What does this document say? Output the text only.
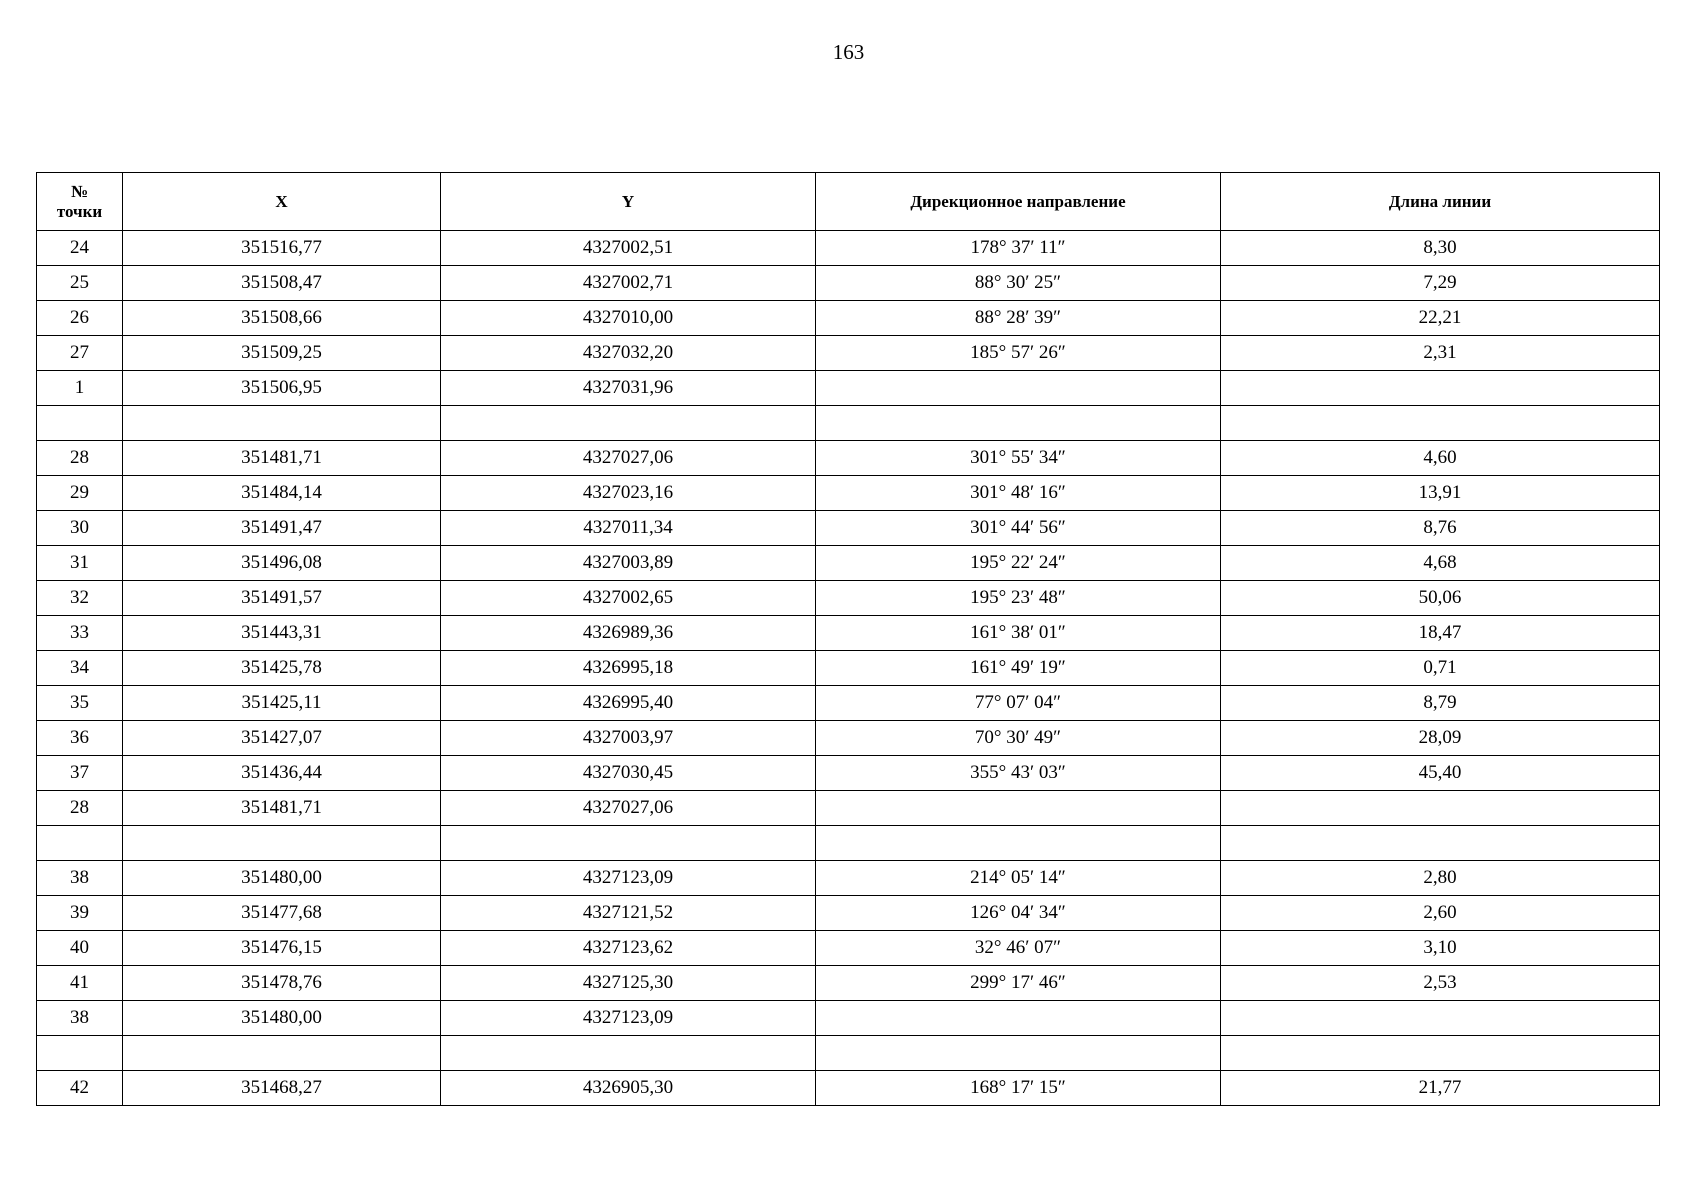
163
№
точки	X	Y	Дирекционное направление	Длина линии
24	351516,77	4327002,51	178° 37′ 11″	8,30
25	351508,47	4327002,71	88° 30′ 25″	7,29
26	351508,66	4327010,00	88° 28′ 39″	22,21
27	351509,25	4327032,20	185° 57′ 26″	2,31
1	351506,95	4327031,96		

28	351481,71	4327027,06	301° 55′ 34″	4,60
29	351484,14	4327023,16	301° 48′ 16″	13,91
30	351491,47	4327011,34	301° 44′ 56″	8,76
31	351496,08	4327003,89	195° 22′ 24″	4,68
32	351491,57	4327002,65	195° 23′ 48″	50,06
33	351443,31	4326989,36	161° 38′ 01″	18,47
34	351425,78	4326995,18	161° 49′ 19″	0,71
35	351425,11	4326995,40	77° 07′ 04″	8,79
36	351427,07	4327003,97	70° 30′ 49″	28,09
37	351436,44	4327030,45	355° 43′ 03″	45,40
28	351481,71	4327027,06		

38	351480,00	4327123,09	214° 05′ 14″	2,80
39	351477,68	4327121,52	126° 04′ 34″	2,60
40	351476,15	4327123,62	32° 46′ 07″	3,10
41	351478,76	4327125,30	299° 17′ 46″	2,53
38	351480,00	4327123,09		

42	351468,27	4326905,30	168° 17′ 15″	21,77
